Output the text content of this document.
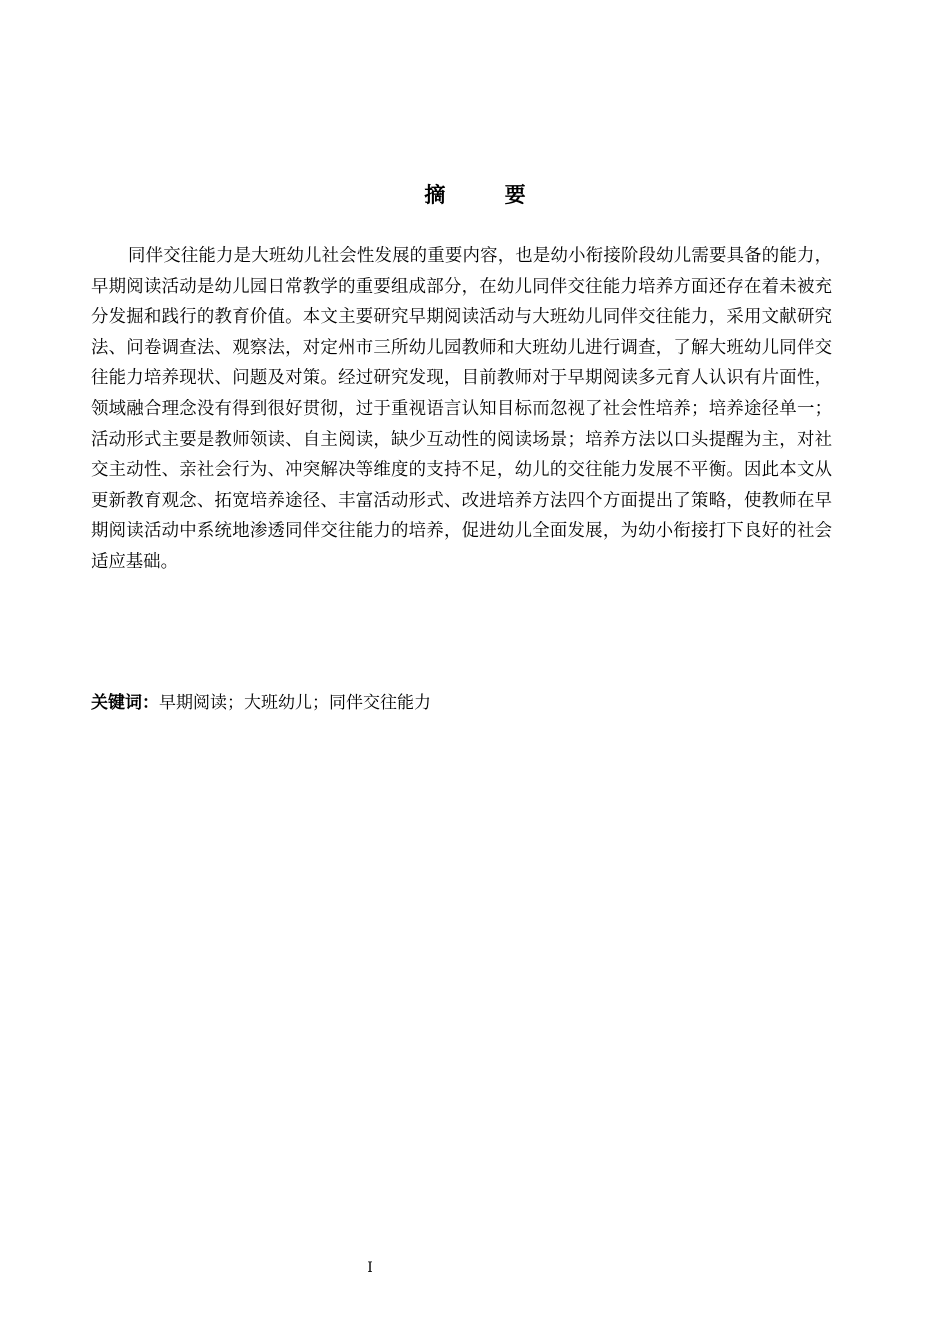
摘 要

同伴交往能力是大班幼儿社会性发展的重要内容，也是幼小衔接阶段幼儿需要具备的能力，早期阅读活动是幼儿园日常教学的重要组成部分，在幼儿同伴交往能力培养方面还存在着未被充分发掘和践行的教育价值。本文主要研究早期阅读活动与大班幼儿同伴交往能力，采用文献研究法、问卷调查法、观察法，对定州市三所幼儿园教师和大班幼儿进行调查，了解大班幼儿同伴交往能力培养现状、问题及对策。经过研究发现，目前教师对于早期阅读多元育人认识有片面性，领域融合理念没有得到很好贯彻，过于重视语言认知目标而忽视了社会性培养；培养途径单一；活动形式主要是教师领读、自主阅读，缺少互动性的阅读场景；培养方法以口头提醒为主，对社交主动性、亲社会行为、冲突解决等维度的支持不足，幼儿的交往能力发展不平衡。因此本文从更新教育观念、拓宽培养途径、丰富活动形式、改进培养方法四个方面提出了策略，使教师在早期阅读活动中系统地渗透同伴交往能力的培养，促进幼儿全面发展，为幼小衔接打下良好的社会适应基础。

关键词：早期阅读；大班幼儿；同伴交往能力

I
